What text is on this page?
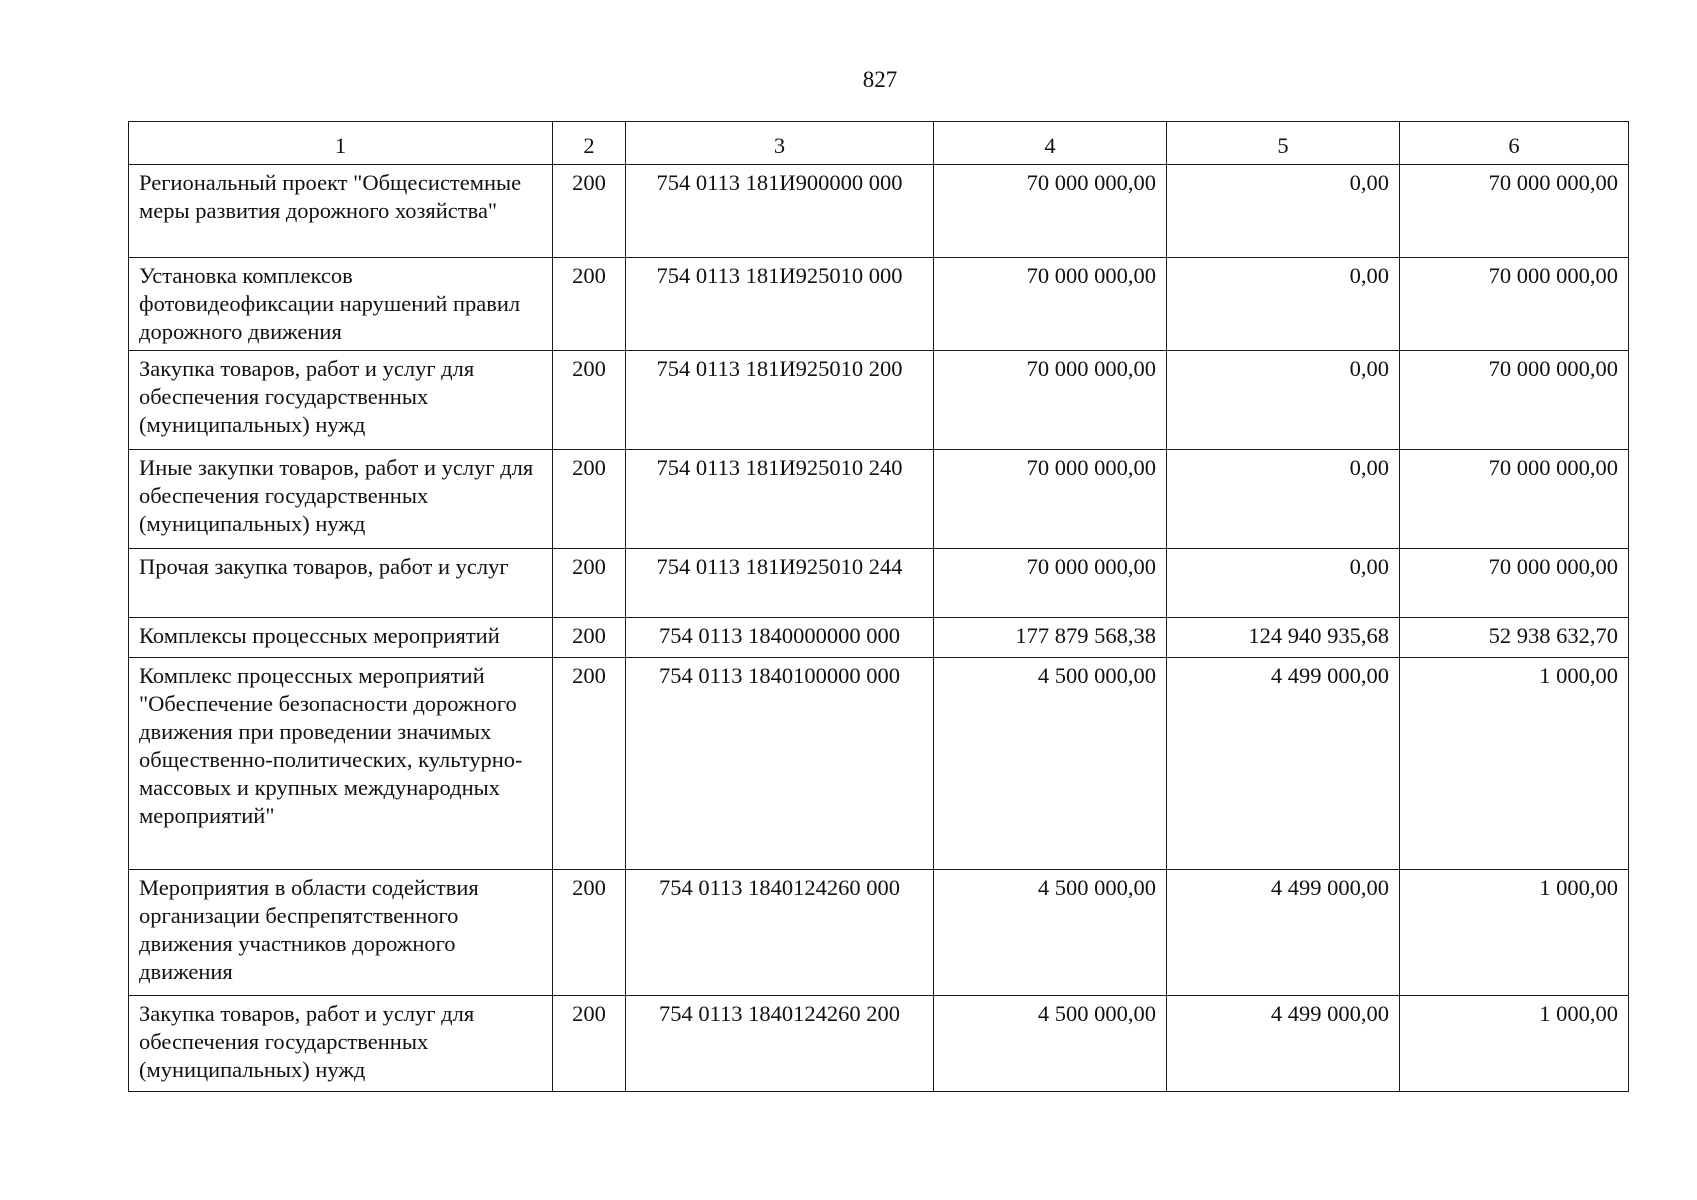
827
1	2	3	4	5	6
Региональный проект "Общесистемные меры развития дорожного хозяйства"	200	754 0113 181И900000 000	70 000 000,00	0,00	70 000 000,00
Установка комплексов фотовидеофиксации нарушений правил дорожного движения	200	754 0113 181И925010 000	70 000 000,00	0,00	70 000 000,00
Закупка товаров, работ и услуг для обеспечения государственных (муниципальных) нужд	200	754 0113 181И925010 200	70 000 000,00	0,00	70 000 000,00
Иные закупки товаров, работ и услуг для обеспечения государственных (муниципальных) нужд	200	754 0113 181И925010 240	70 000 000,00	0,00	70 000 000,00
Прочая закупка товаров, работ и услуг	200	754 0113 181И925010 244	70 000 000,00	0,00	70 000 000,00
Комплексы процессных мероприятий	200	754 0113 1840000000 000	177 879 568,38	124 940 935,68	52 938 632,70
Комплекс процессных мероприятий "Обеспечение безопасности дорожного движения при проведении значимых общественно-политических, культурно-массовых и крупных международных мероприятий"	200	754 0113 1840100000 000	4 500 000,00	4 499 000,00	1 000,00
Мероприятия в области содействия организации беспрепятственного движения участников дорожного движения	200	754 0113 1840124260 000	4 500 000,00	4 499 000,00	1 000,00
Закупка товаров, работ и услуг для обеспечения государственных (муниципальных) нужд	200	754 0113 1840124260 200	4 500 000,00	4 499 000,00	1 000,00
